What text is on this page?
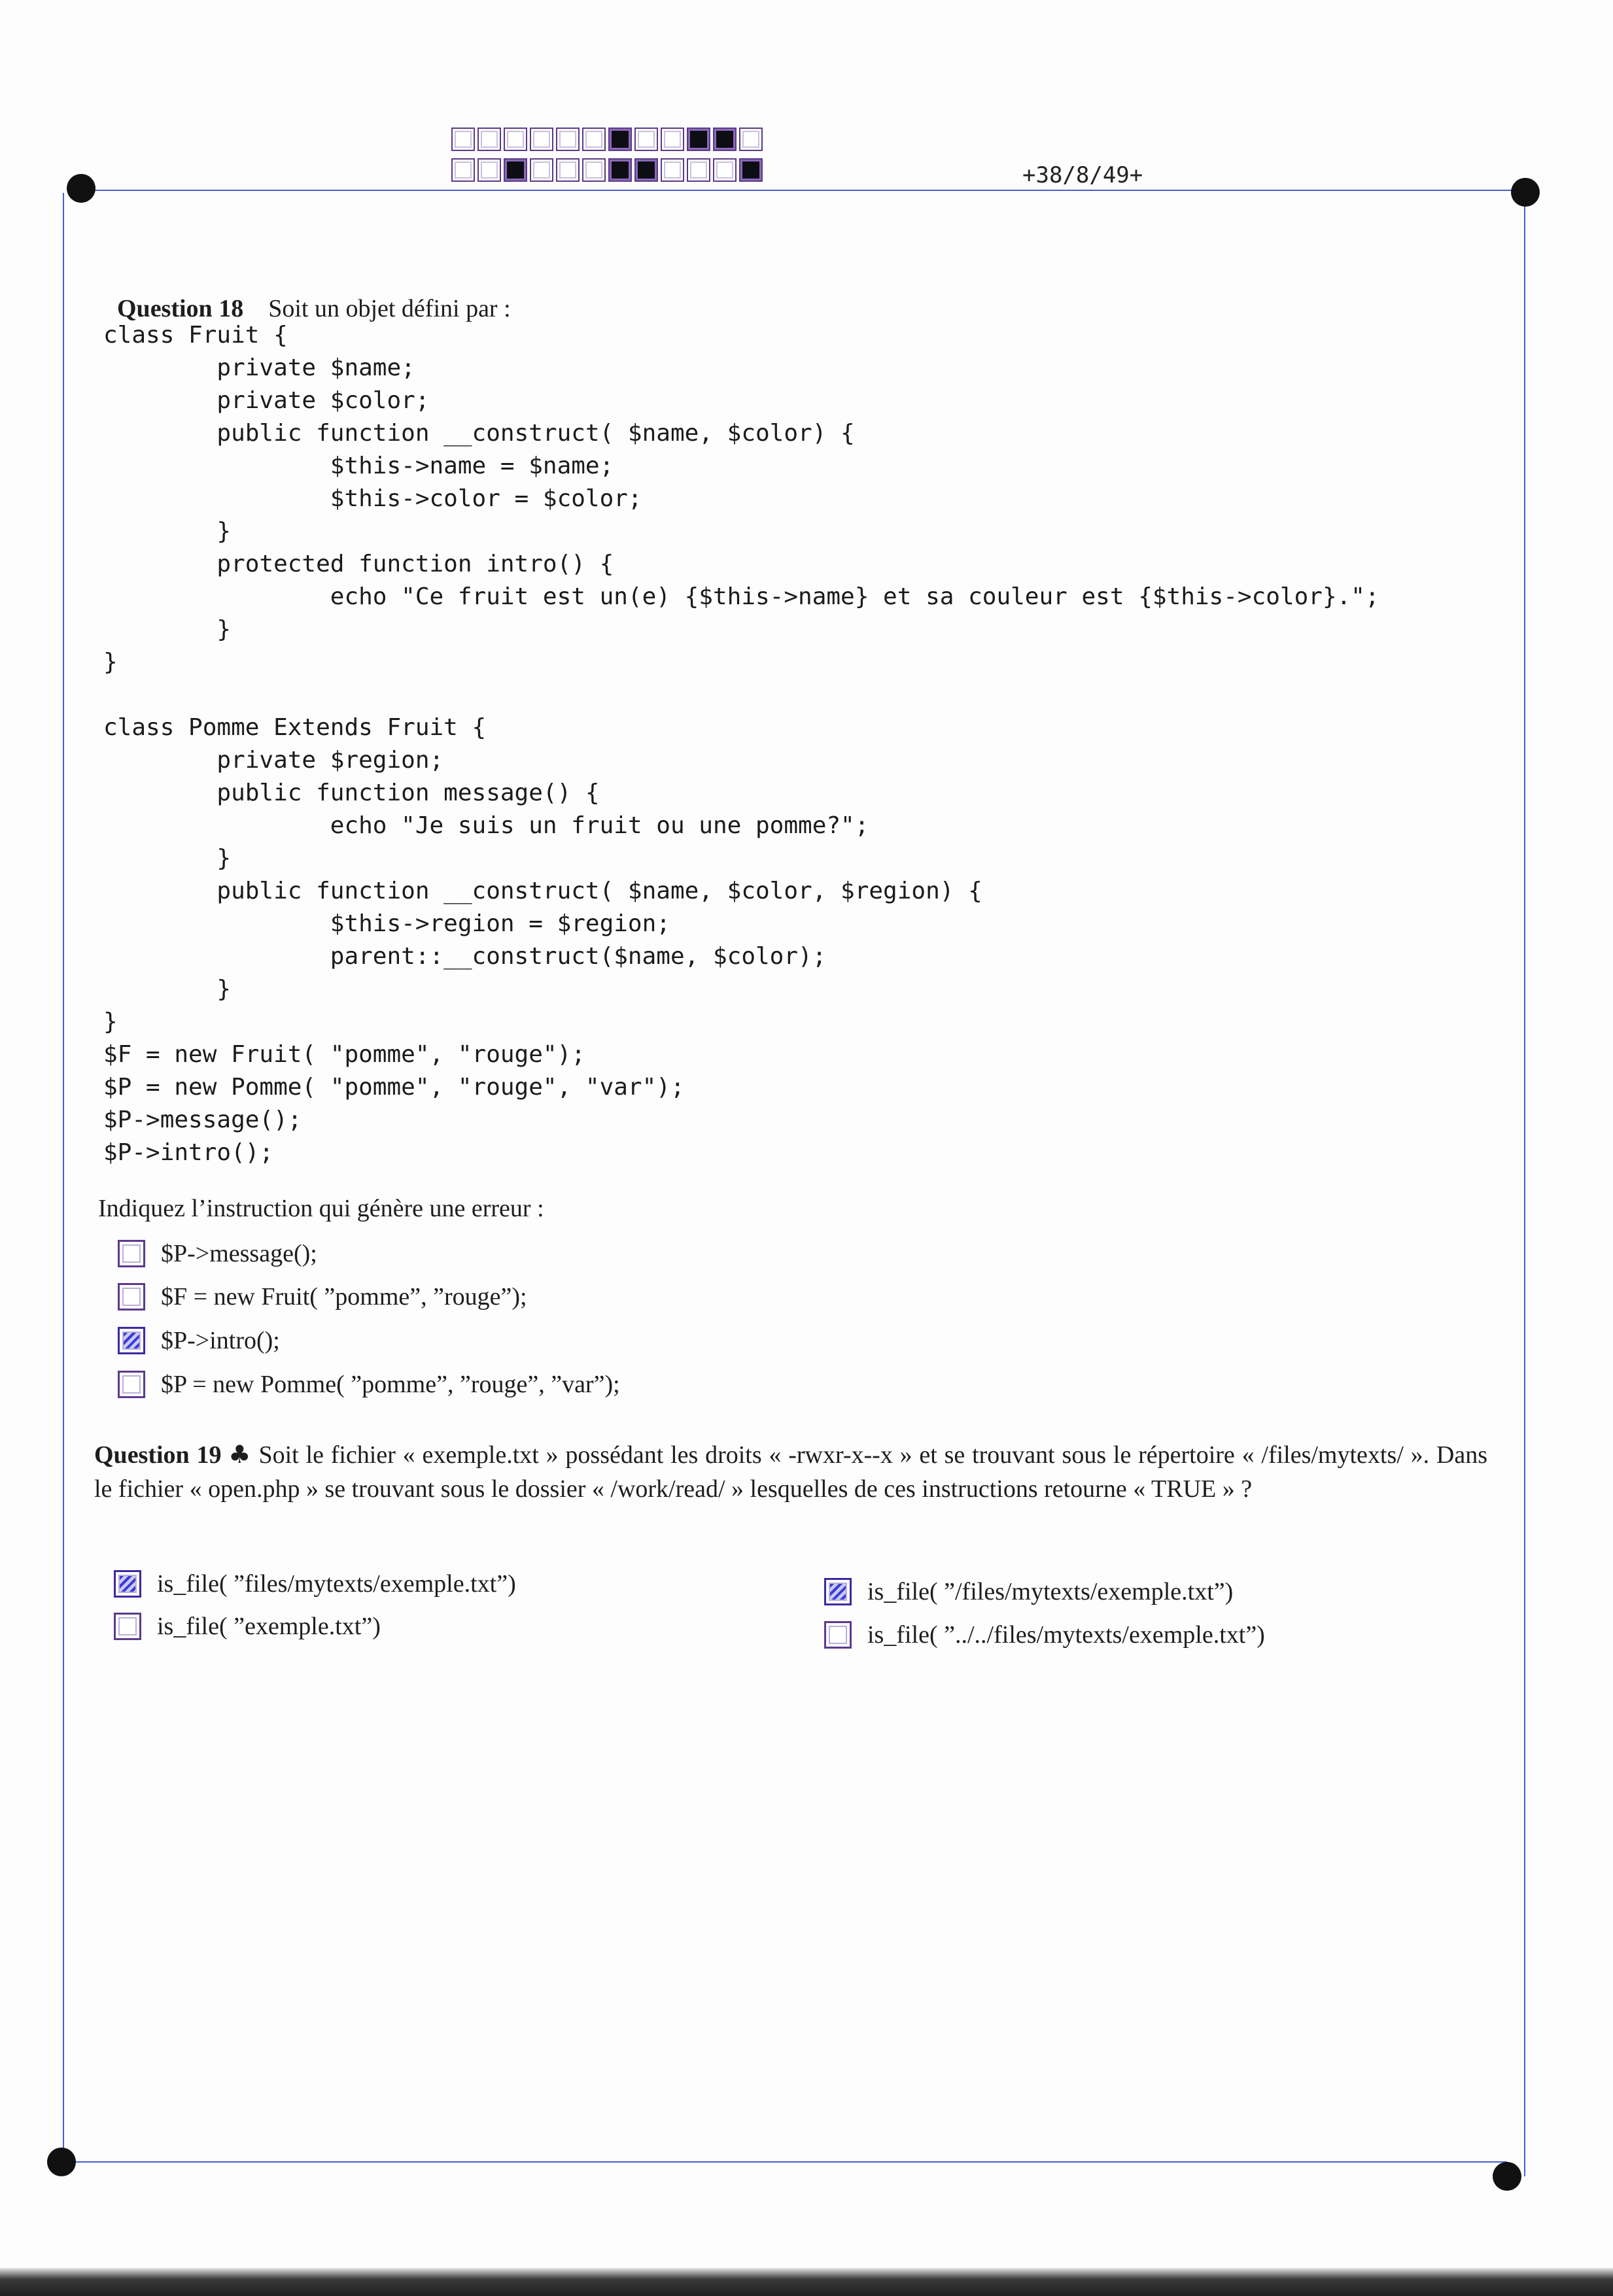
+38/8/49+

Question 18 Soit un objet défini par :

class Fruit {
private $name;
private $color;
public function __construct( $name, $color) {
$this->name = $name;
$this->color = $color;
}
protected function intro() {
echo "Ce fruit est un(e) {$this->name} et sa couleur est {$this->color}.";
}
}
class Pomme Extends Fruit {
private $region;
public function message() {
echo "Je suis un fruit ou une pomme?";
}
public function __construct( $name, $color, $region) {
$this->region = $region;
parent::__construct($name, $color);
}
}
$F = new Fruit( "pomme", "rouge");
$P = new Pomme( "pomme", "rouge", "var");
$P->message();
$P->intro();
Indiquez l’instruction qui génère une erreur :
$P->message();
$F = new Fruit( ”pomme”, ”rouge”);
$P->intro();
$P = new Pomme( ”pomme”, ”rouge”, ”var”);
Question 19 ♣ Soit le fichier « exemple.txt » possédant les droits « -rwxr-x--x » et se trouvant sous le répertoire « /files/mytexts/ ». Dans le fichier « open.php » se trouvant sous le dossier « /work/read/ » lesquelles de ces instructions retourne « TRUE » ?
is_file( ”files/mytexts/exemple.txt”)
is_file( ”exemple.txt”)
is_file( ”/files/mytexts/exemple.txt”)
is_file( ”../../files/mytexts/exemple.txt”)
